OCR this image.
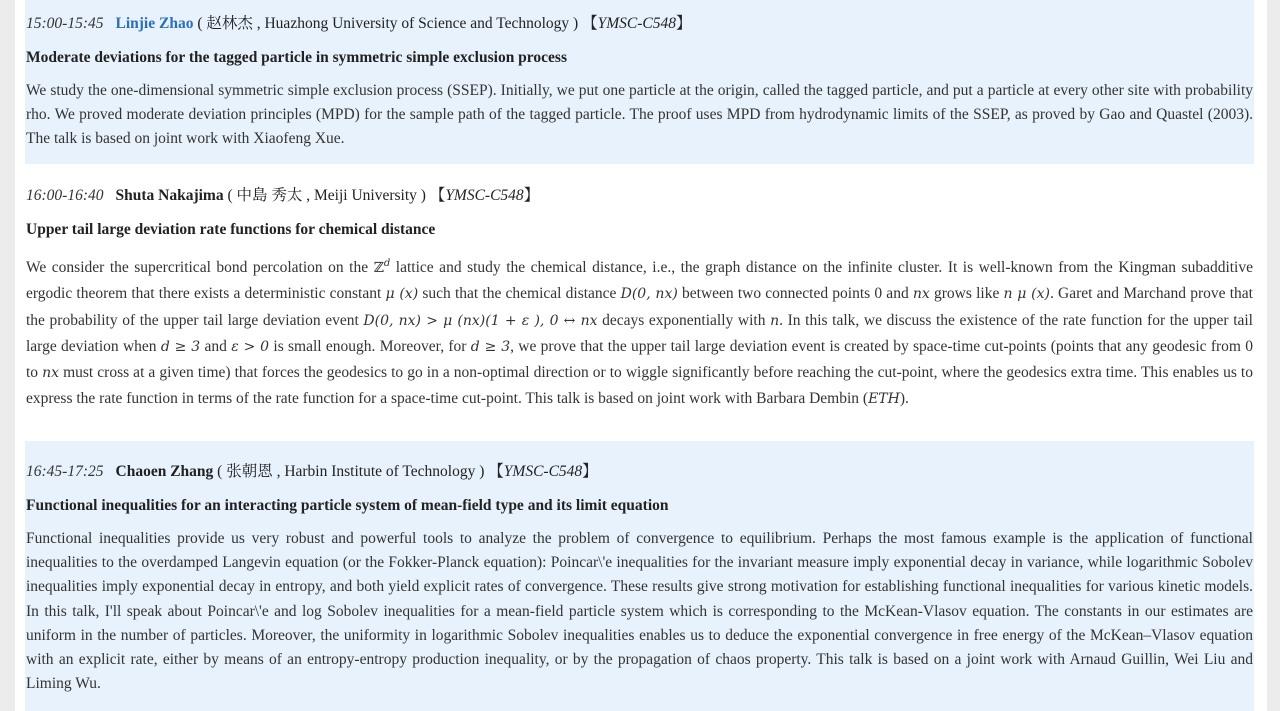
15:00-15:45 Linjie Zhao ( 赵林杰 , Huazhong University of Science and Technology ) 【YMSC-C548】
Moderate deviations for the tagged particle in symmetric simple exclusion process
We study the one-dimensional symmetric simple exclusion process (SSEP). Initially, we put one particle at the origin, called the tagged particle, and put a particle at every other site with probability rho. We proved moderate deviation principles (MPD) for the sample path of the tagged particle. The proof uses MPD from hydrodynamic limits of the SSEP, as proved by Gao and Quastel (2003). The talk is based on joint work with Xiaofeng Xue.
16:00-16:40 Shuta Nakajima ( 中島 秀太 , Meiji University ) 【YMSC-C548】
Upper tail large deviation rate functions for chemical distance
We consider the supercritical bond percolation on the ℤ$^d$ lattice and study the chemical distance, i.e., the graph distance on the infinite cluster. It is well-known from the Kingman subadditive ergodic theorem that there exists a deterministic constant μ (x) such that the chemical distance D(0, nx) between two connected points 0 and nx grows like n μ (x). Garet and Marchand prove that the probability of the upper tail large deviation event D(0, nx) > μ (nx)(1 + ε ), 0 ↔ nx decays exponentially with n. In this talk, we discuss the existence of the rate function for the upper tail large deviation when d ≥ 3 and ε > 0 is small enough. Moreover, for d ≥ 3, we prove that the upper tail large deviation event is created by space-time cut-points (points that any geodesic from 0 to nx must cross at a given time) that forces the geodesics to go in a non-optimal direction or to wiggle significantly before reaching the cut-point, where the geodesics extra time. This enables us to express the rate function in terms of the rate function for a space-time cut-point. This talk is based on joint work with Barbara Dembin (ETH).
16:45-17:25 Chaoen Zhang ( 张朝恩 , Harbin Institute of Technology ) 【YMSC-C548】
Functional inequalities for an interacting particle system of mean-field type and its limit equation
Functional inequalities provide us very robust and powerful tools to analyze the problem of convergence to equilibrium. Perhaps the most famous example is the application of functional inequalities to the overdamped Langevin equation (or the Fokker-Planck equation): Poincar\'e inequalities for the invariant measure imply exponential decay in variance, while logarithmic Sobolev inequalities imply exponential decay in entropy, and both yield explicit rates of convergence. These results give strong motivation for establishing functional inequalities for various kinetic models. In this talk, I'll speak about Poincar\'e and log Sobolev inequalities for a mean-field particle system which is corresponding to the McKean-Vlasov equation. The constants in our estimates are uniform in the number of particles. Moreover, the uniformity in logarithmic Sobolev inequalities enables us to deduce the exponential convergence in free energy of the McKean–Vlasov equation with an explicit rate, either by means of an entropy-entropy production inequality, or by the propagation of chaos property. This talk is based on a joint work with Arnaud Guillin, Wei Liu and Liming Wu.
